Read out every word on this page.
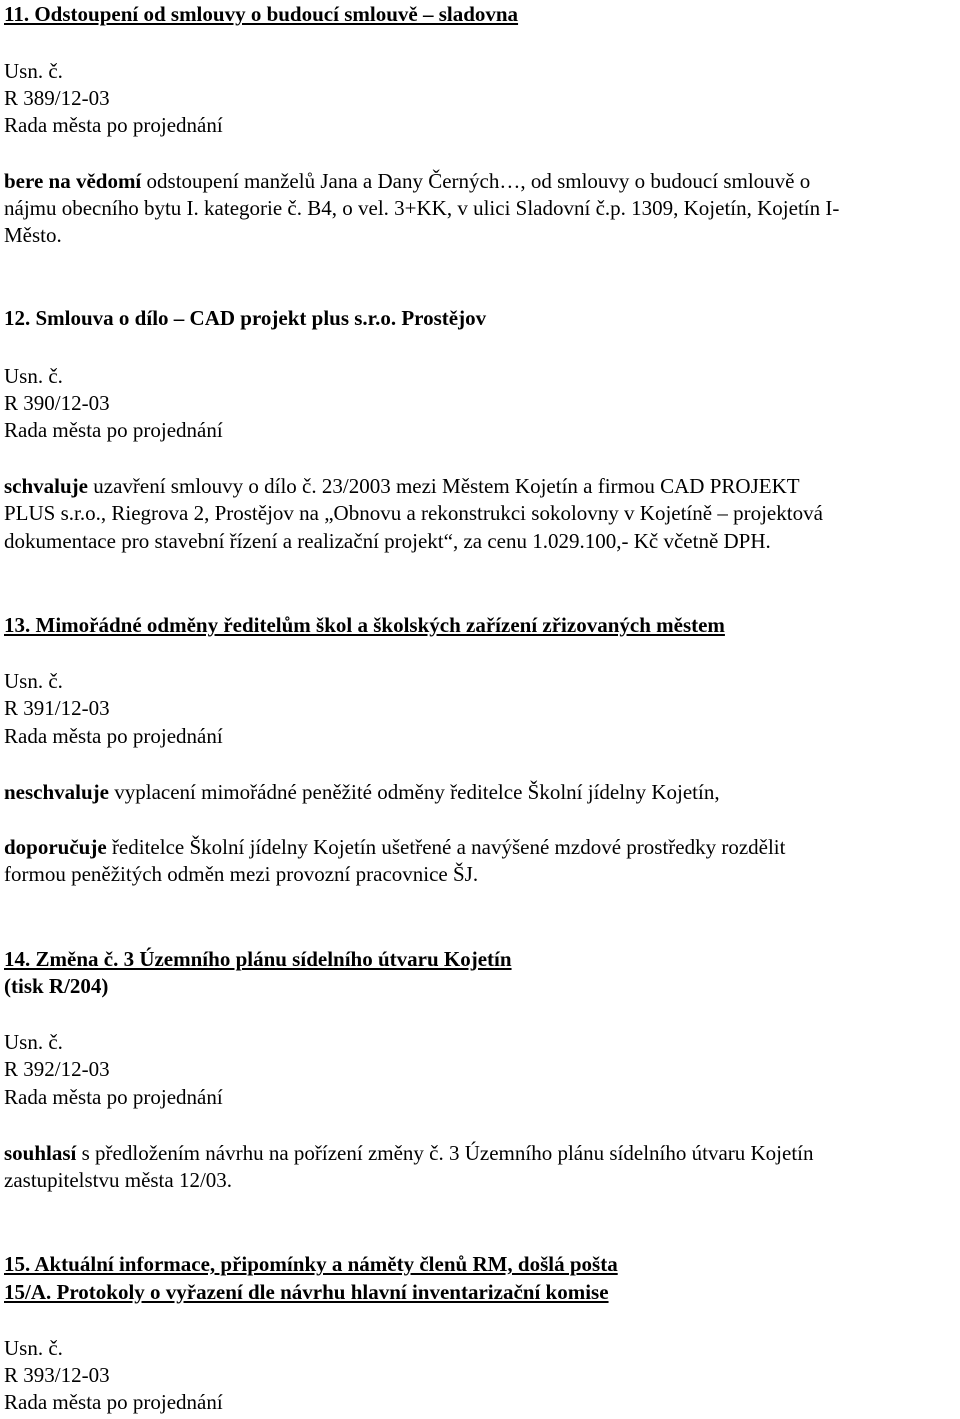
11. Odstoupení od smlouvy o budoucí smlouvě – sladovna
Usn. č.
R 389/12-03
Rada města po projednání
bere na vědomí odstoupení manželů Jana a Dany Černých…, od smlouvy o budoucí smlouvě o
nájmu obecního bytu I. kategorie č. B4, o vel. 3+KK, v ulici Sladovní č.p. 1309, Kojetín, Kojetín I-
Město.
12. Smlouva o dílo – CAD projekt plus s.r.o. Prostějov
Usn. č.
R 390/12-03
Rada města po projednání
schvaluje uzavření smlouvy o dílo č. 23/2003 mezi Městem Kojetín a firmou CAD PROJEKT
PLUS s.r.o., Riegrova 2, Prostějov na „Obnovu a rekonstrukci sokolovny v Kojetíně – projektová
dokumentace pro stavební řízení a realizační projekt“, za cenu 1.029.100,- Kč včetně DPH.
13. Mimořádné odměny ředitelům škol a školských zařízení zřizovaných městem
Usn. č.
R 391/12-03
Rada města po projednání
neschvaluje vyplacení mimořádné peněžité odměny ředitelce Školní jídelny Kojetín,
doporučuje ředitelce Školní jídelny Kojetín ušetřené a navýšené mzdové prostředky rozdělit
formou peněžitých odměn mezi provozní pracovnice ŠJ.
14. Změna č. 3 Územního plánu sídelního útvaru Kojetín
(tisk R/204)
Usn. č.
R 392/12-03
Rada města po projednání
souhlasí s předložením návrhu na pořízení změny č. 3 Územního plánu sídelního útvaru Kojetín
zastupitelstvu města 12/03.
15. Aktuální informace, připomínky a náměty členů RM, došlá pošta
15/A. Protokoly o vyřazení dle návrhu hlavní inventarizační komise
Usn. č.
R 393/12-03
Rada města po projednání
